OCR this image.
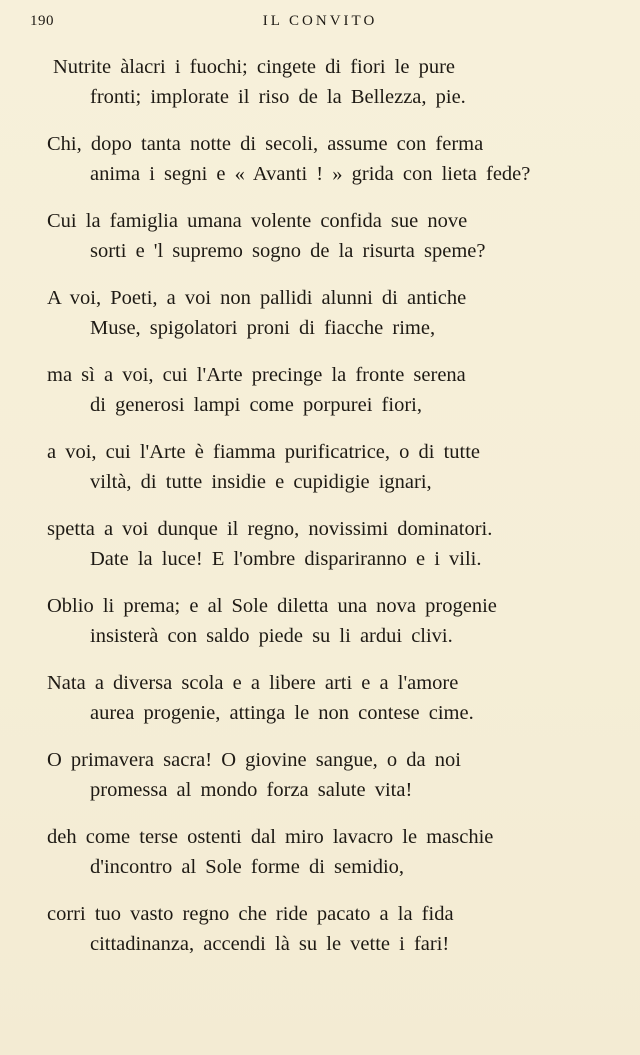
190	IL CONVITO
Nutrite àlacri i fuochi; cingete di fiori le pure
fronti; implorate il riso de la Bellezza, pie.
Chi, dopo tanta notte di secoli, assume con ferma
anima i segni e « Avanti ! » grida con lieta fede?
Cui la famiglia umana volente confida sue nove
sorti e 'l supremo sogno de la risurta speme?
A voi, Poeti, a voi non pallidi alunni di antiche
Muse, spigolatori proni di fiacche rime,
ma sì a voi, cui l'Arte precinge la fronte serena
di generosi lampi come porpurei fiori,
a voi, cui l'Arte è fiamma purificatrice, o di tutte
viltà, di tutte insidie e cupidigie ignari,
spetta a voi dunque il regno, novissimi dominatori.
Date la luce! E l'ombre dispariranno e i vili.
Oblio li prema; e al Sole diletta una nova progenie
insisterà con saldo piede su li ardui clivi.
Nata a diversa scola e a libere arti e a l'amore
aurea progenie, attinga le non contese cime.
O primavera sacra! O giovine sangue, o da noi
promessa al mondo forza salute vita!
deh come terse ostenti dal miro lavacro le maschie
d'incontro al Sole forme di semidio,
corri tuo vasto regno che ride pacato a la fida
cittadinanza, accendi là su le vette i fari!
